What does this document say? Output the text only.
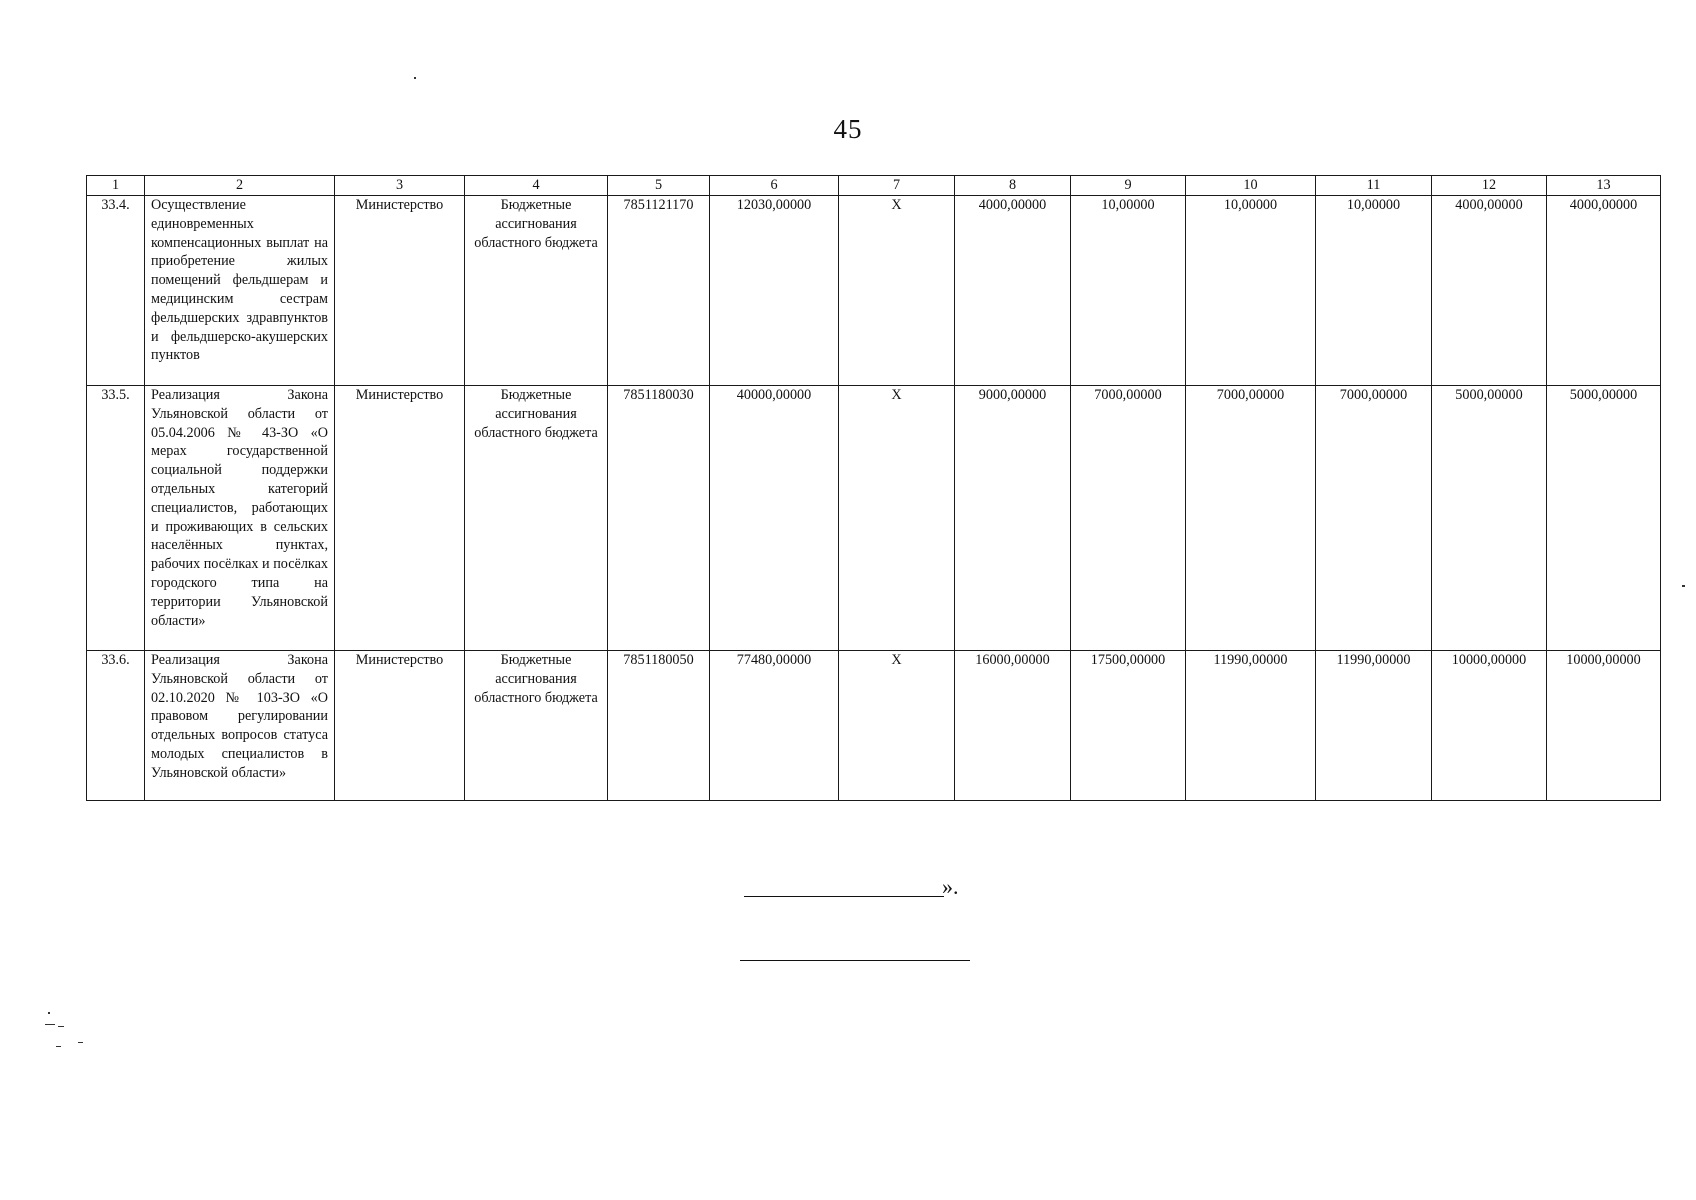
45
1	2	3	4	5	6	7	8	9	10	11	12	13
33.4.	Осуществление единовременных компенсационных выплат на приобретение жилых помещений фельдшерам и медицинским сестрам фельдшерских здравпунктов и фельдшерско-акушерских пунктов	Министерство	Бюджетные ассигнования областного бюджета	7851121170	12030,00000	Х	4000,00000	10,00000	10,00000	10,00000	4000,00000	4000,00000
33.5.	Реализация Закона Ульяновской области от 05.04.2006 № 43-ЗО «О мерах государственной социальной поддержки отдельных категорий специалистов, работающих и проживающих в сельских населённых пунктах, рабочих посёлках и посёлках городского типа на территории Ульяновской области»	Министерство	Бюджетные ассигнования областного бюджета	7851180030	40000,00000	Х	9000,00000	7000,00000	7000,00000	7000,00000	5000,00000	5000,00000
33.6.	Реализация Закона Ульяновской области от 02.10.2020 № 103-ЗО «О правовом регулировании отдельных вопросов статуса молодых специалистов в Ульяновской области»	Министерство	Бюджетные ассигнования областного бюджета	7851180050	77480,00000	Х	16000,00000	17500,00000	11990,00000	11990,00000	10000,00000	10000,00000
».
